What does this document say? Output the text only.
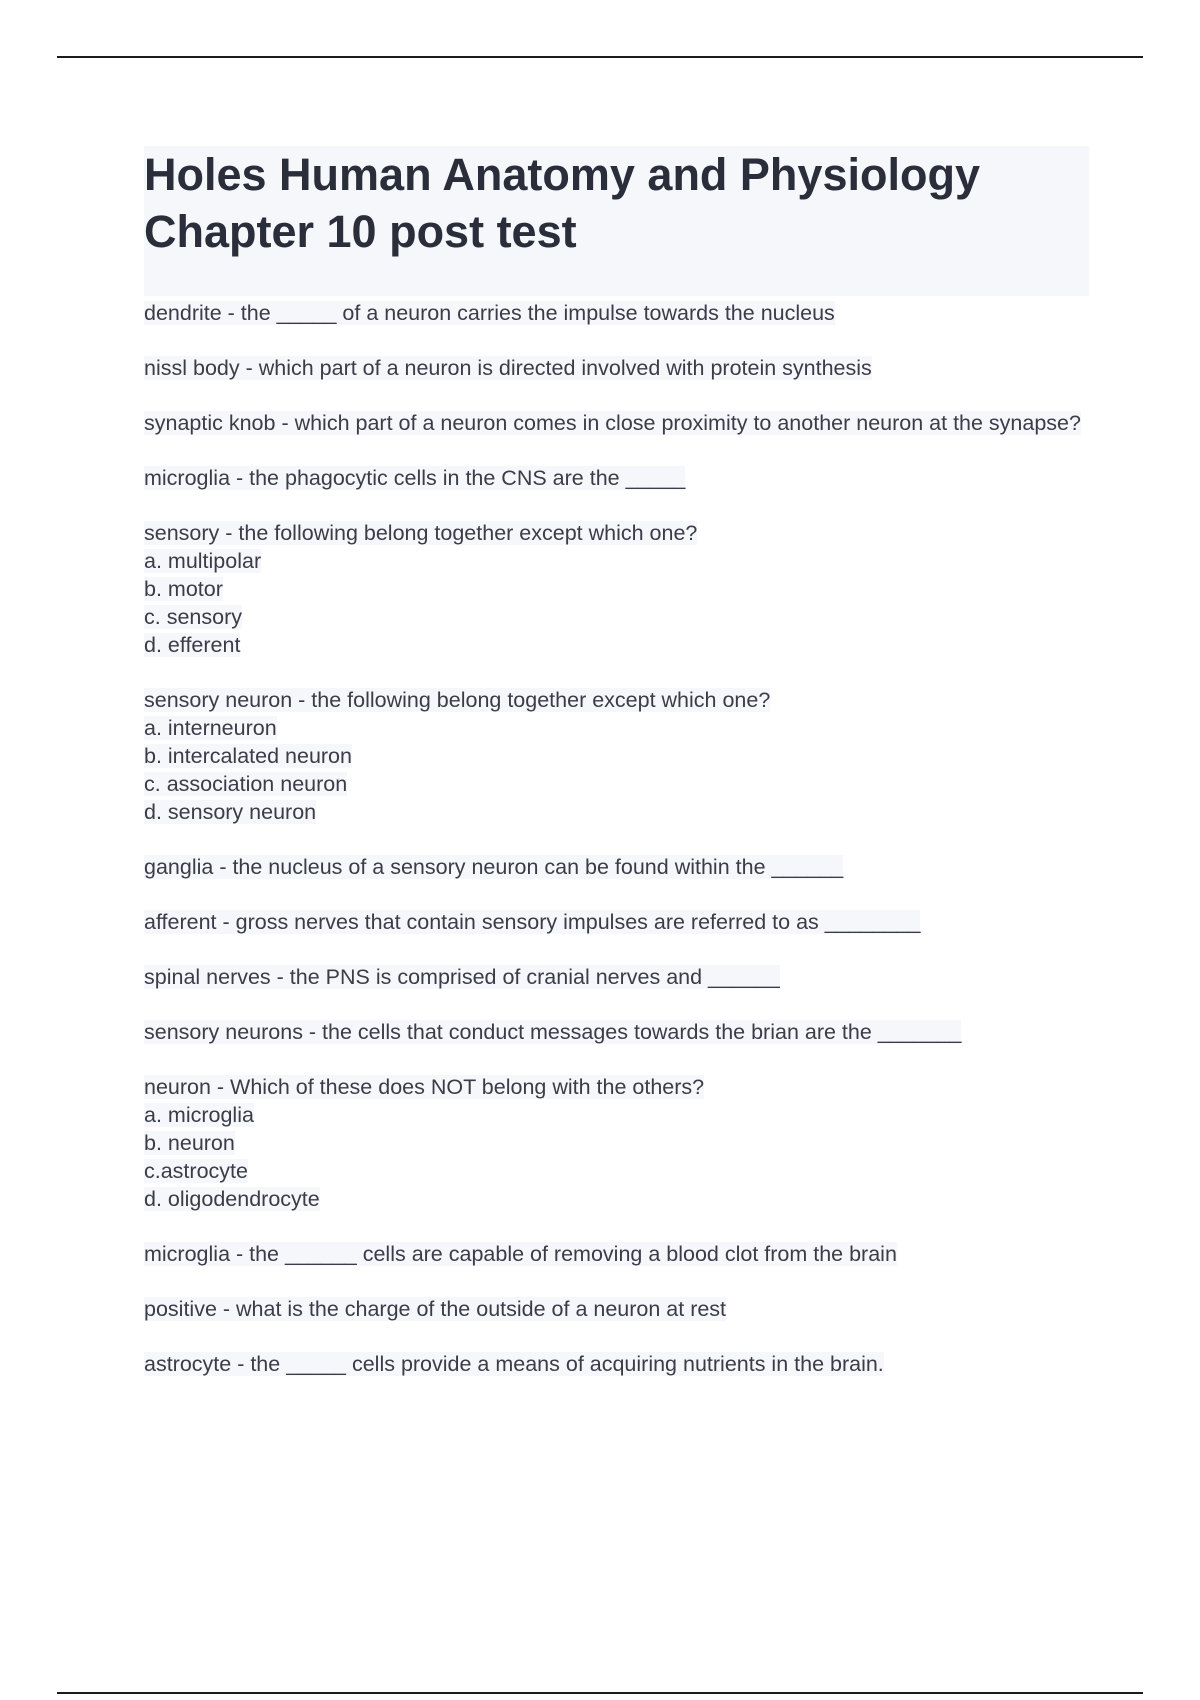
Holes Human Anatomy and Physiology
Chapter 10 post test
dendrite - the _____ of a neuron carries the impulse towards the nucleus
nissl body - which part of a neuron is directed involved with protein synthesis
synaptic knob - which part of a neuron comes in close proximity to another neuron at the synapse?
microglia - the phagocytic cells in the CNS are the _____
sensory - the following belong together except which one?
a. multipolar
b. motor
c. sensory
d. efferent
sensory neuron - the following belong together except which one?
a. interneuron
b. intercalated neuron
c. association neuron
d. sensory neuron
ganglia - the nucleus of a sensory neuron can be found within the ______
afferent - gross nerves that contain sensory impulses are referred to as ________
spinal nerves - the PNS is comprised of cranial nerves and ______
sensory neurons - the cells that conduct messages towards the brian are the _______
neuron - Which of these does NOT belong with the others?
a. microglia
b. neuron
c.astrocyte
d. oligodendrocyte
microglia - the ______ cells are capable of removing a blood clot from the brain
positive - what is the charge of the outside of a neuron at rest
astrocyte - the _____ cells provide a means of acquiring nutrients in the brain.
